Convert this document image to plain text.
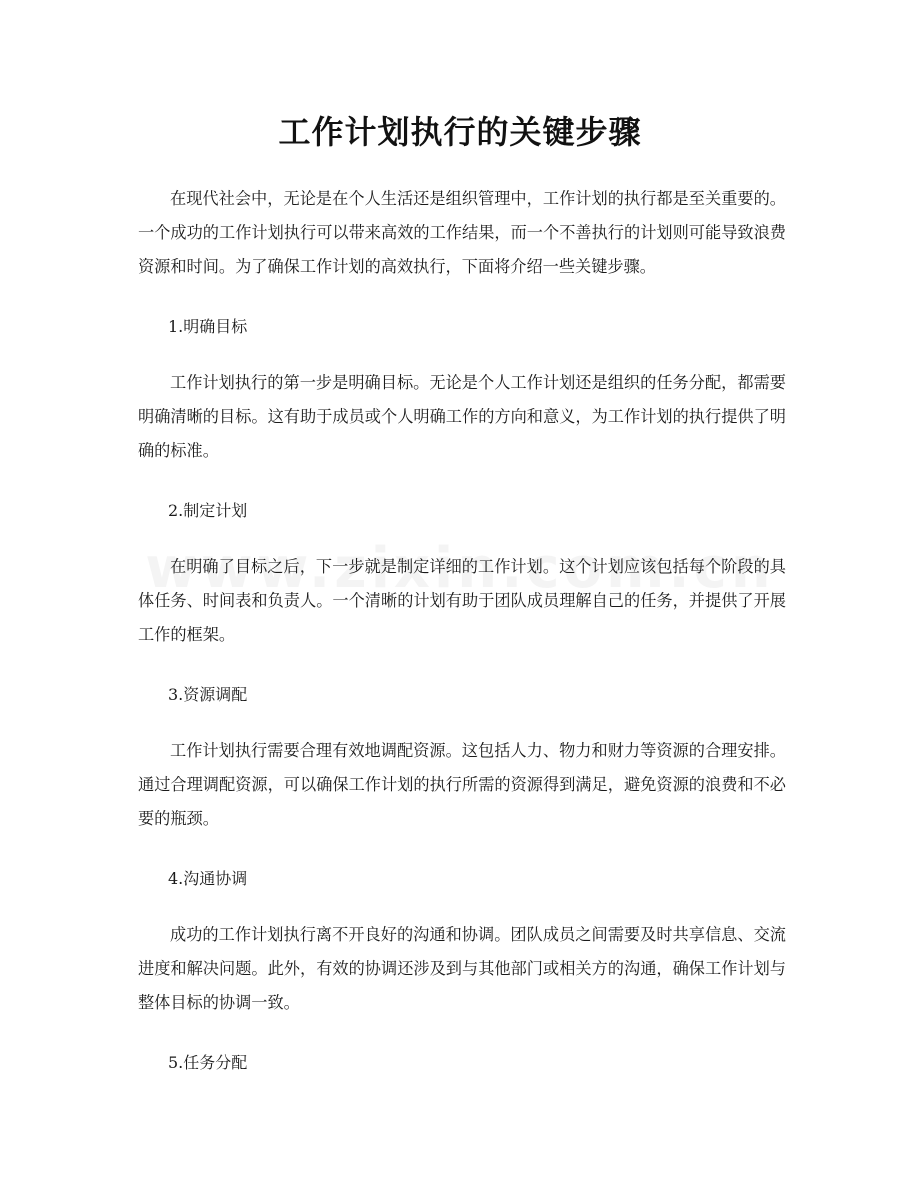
工作计划执行的关键步骤

在现代社会中，无论是在个人生活还是组织管理中，工作计划的执行都是至关重要的。一个成功的工作计划执行可以带来高效的工作结果，而一个不善执行的计划则可能导致浪费资源和时间。为了确保工作计划的高效执行，下面将介绍一些关键步骤。

1.明确目标

工作计划执行的第一步是明确目标。无论是个人工作计划还是组织的任务分配，都需要明确清晰的目标。这有助于成员或个人明确工作的方向和意义，为工作计划的执行提供了明确的标准。

2.制定计划

在明确了目标之后，下一步就是制定详细的工作计划。这个计划应该包括每个阶段的具体任务、时间表和负责人。一个清晰的计划有助于团队成员理解自己的任务，并提供了开展工作的框架。

3.资源调配

工作计划执行需要合理有效地调配资源。这包括人力、物力和财力等资源的合理安排。通过合理调配资源，可以确保工作计划的执行所需的资源得到满足，避免资源的浪费和不必要的瓶颈。

4.沟通协调

成功的工作计划执行离不开良好的沟通和协调。团队成员之间需要及时共享信息、交流进度和解决问题。此外，有效的协调还涉及到与其他部门或相关方的沟通，确保工作计划与整体目标的协调一致。

5.任务分配
